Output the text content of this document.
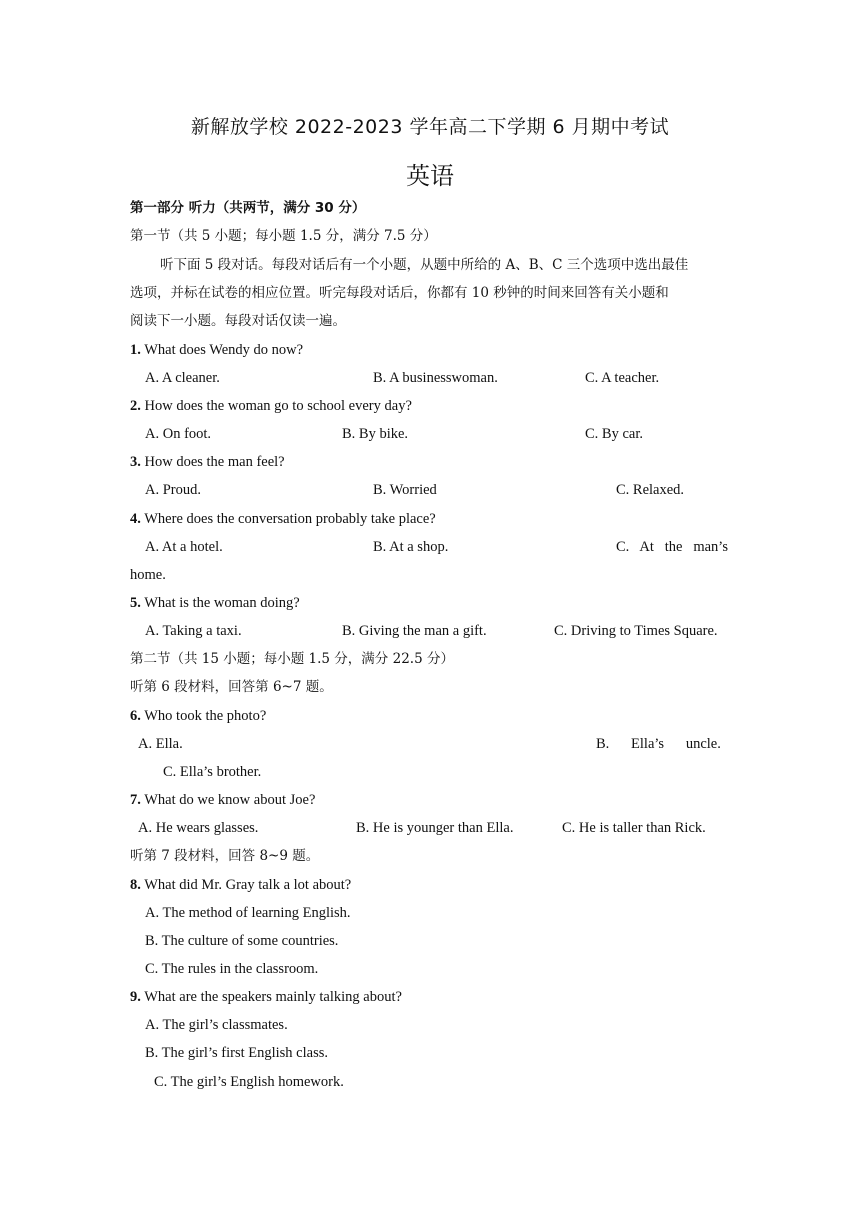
新解放学校 2022-2023 学年高二下学期 6 月期中考试
英语
第一部分 听力（共两节，满分 30 分）
第一节（共 5 小题；每小题 1.5 分，满分 7.5 分）
听下面 5 段对话。每段对话后有一个小题，从题中所给的 A、B、C 三个选项中选出最佳
选项，并标在试卷的相应位置。听完每段对话后，你都有 10 秒钟的时间来回答有关小题和
阅读下一小题。每段对话仅读一遍。
1. What does Wendy do now?
A. A cleaner.	B. A businesswoman.	C. A teacher.
2. How does the woman go to school every day?
A. On foot.	B. By bike.	C. By car.
3. How does the man feel?
A. Proud.	B. Worried	C. Relaxed.
4. Where does the conversation probably take place?
A. At a hotel.	B. At a shop.	C.   At   the   man’s
home.
5. What is the woman doing?
A. Taking a taxi.	B. Giving the man a gift.	C. Driving to Times Square.
第二节（共 15 小题；每小题 1.5 分，满分 22.5 分）
听第 6 段材料，回答第 6~7 题。
6. Who took the photo?
A. Ella.	B.      Ella’s      uncle.
C. Ella’s brother.
7. What do we know about Joe?
A. He wears glasses.	B. He is younger than Ella.	C. He is taller than Rick.
听第 7 段材料，回答 8~9 题。
8. What did Mr. Gray talk a lot about?
A. The method of learning English.
B. The culture of some countries.
C. The rules in the classroom.
9. What are the speakers mainly talking about?
A. The girl’s classmates.
B. The girl’s first English class.
C. The girl’s English homework.
